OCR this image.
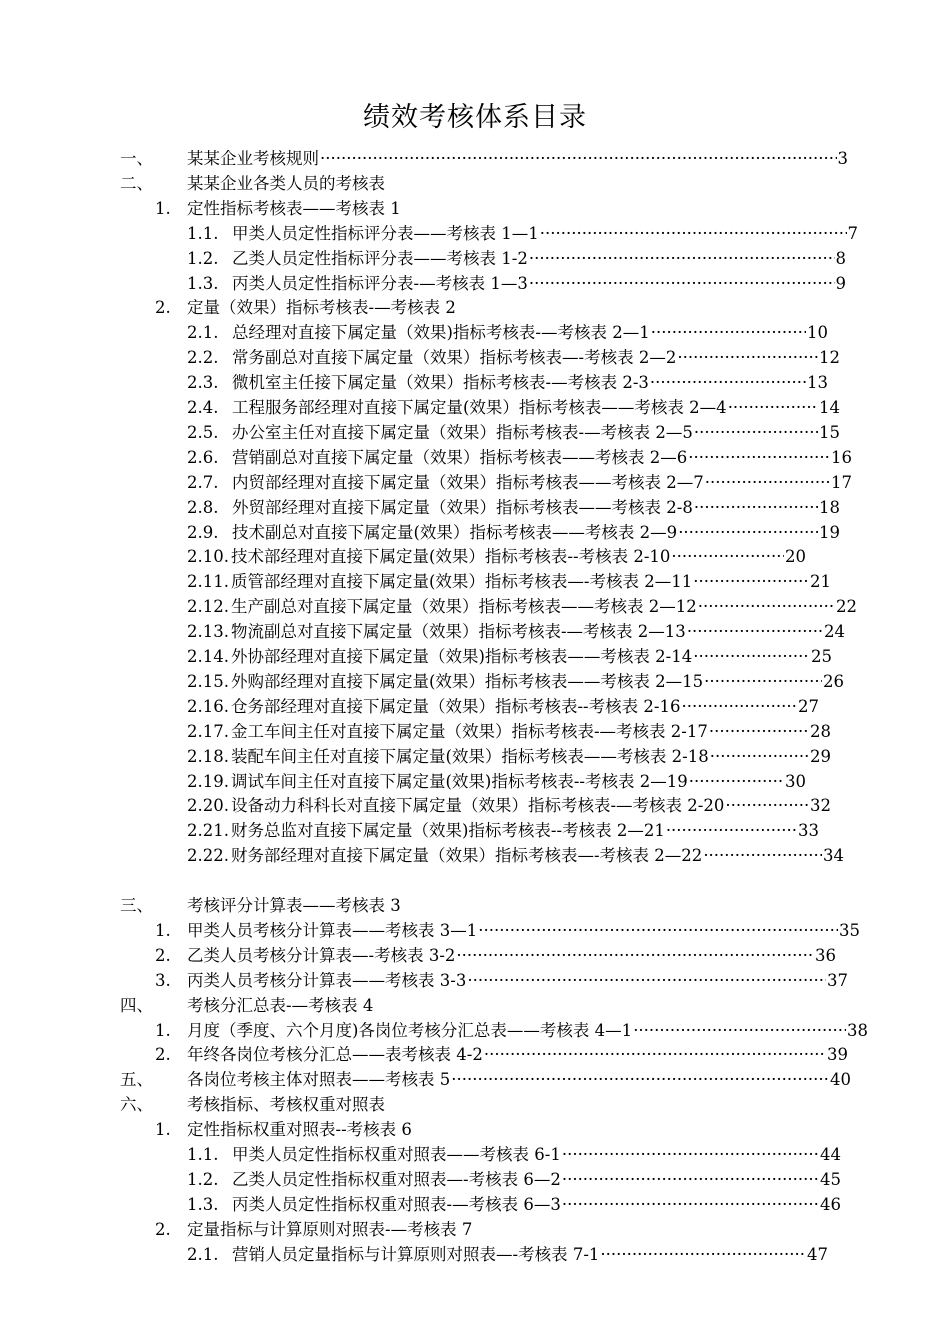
绩效考核体系目录
一、	某某企业考核规则 ·····	3
二、	某某企业各类人员的考核表
1. 定性指标考核表——考核表 1
1.1. 甲类人员定性指标评分表——考核表 1—1 ·····	7
1.2. 乙类人员定性指标评分表——考核表 1-2 ·····	8
1.3. 丙类人员定性指标评分表-—考核表 1—3 ·····	9
2. 定量（效果）指标考核表-—考核表 2
2.1. 总经理对直接下属定量（效果)指标考核表-—考核表 2—1 ·····	10
2.2. 常务副总对直接下属定量（效果）指标考核表—-考核表 2—2 ·····	12
2.3. 微机室主任接下属定量（效果）指标考核表-—考核表 2-3 ·····	13
2.4. 工程服务部经理对直接下属定量(效果）指标考核表——考核表 2—4 ·····	14
2.5. 办公室主任对直接下属定量（效果）指标考核表-—考核表 2—5 ·····	15
2.6. 营销副总对直接下属定量（效果）指标考核表——考核表 2—6 ·····	16
2.7. 内贸部经理对直接下属定量（效果）指标考核表——考核表 2—7 ·····	17
2.8. 外贸部经理对直接下属定量（效果）指标考核表——考核表 2-8 ·····	18
2.9. 技术副总对直接下属定量(效果）指标考核表——考核表 2—9 ·····	19
2.10. 技术部经理对直接下属定量(效果）指标考核表--考核表 2-10 ·····	20
2.11. 质管部经理对直接下属定量(效果）指标考核表—-考核表 2—11 ·····	21
2.12. 生产副总对直接下属定量（效果）指标考核表——考核表 2—12 ·····	22
2.13. 物流副总对直接下属定量（效果）指标考核表-—考核表 2—13 ·····	24
2.14. 外协部经理对直接下属定量（效果)指标考核表——考核表 2-14 ·····	25
2.15. 外购部经理对直接下属定量(效果）指标考核表——考核表 2—15 ·····	26
2.16. 仓务部经理对直接下属定量（效果）指标考核表--考核表 2-16 ·····	27
2.17. 金工车间主任对直接下属定量（效果）指标考核表-—考核表 2-17 ·····	28
2.18. 装配车间主任对直接下属定量(效果）指标考核表——考核表 2-18 ·····	29
2.19. 调试车间主任对直接下属定量(效果)指标考核表--考核表 2—19 ·····	30
2.20. 设备动力科科长对直接下属定量（效果）指标考核表-—考核表 2-20 ·····	32
2.21. 财务总监对直接下属定量（效果)指标考核表--考核表 2—21 ·····	33
2.22. 财务部经理对直接下属定量（效果）指标考核表—-考核表 2—22 ·····	34
三、	考核评分计算表——考核表 3
1. 甲类人员考核分计算表——考核表 3—1 ·····	35
2. 乙类人员考核分计算表—-考核表 3-2 ·····	36
3. 丙类人员考核分计算表——考核表 3-3 ·····	37
四、	考核分汇总表-—考核表 4
1. 月度（季度、六个月度)各岗位考核分汇总表——考核表 4—1 ·····	38
2. 年终各岗位考核分汇总——表考核表 4-2 ·····	39
五、	各岗位考核主体对照表——考核表 5 ·····	40
六、	考核指标、考核权重对照表
1. 定性指标权重对照表--考核表 6
1.1. 甲类人员定性指标权重对照表——考核表 6-1 ·····	44
1.2. 乙类人员定性指标权重对照表—-考核表 6—2 ·····	45
1.3. 丙类人员定性指标权重对照表-—考核表 6—3 ·····	46
2. 定量指标与计算原则对照表-—考核表 7
2.1. 营销人员定量指标与计算原则对照表—-考核表 7-1 ·····	47
